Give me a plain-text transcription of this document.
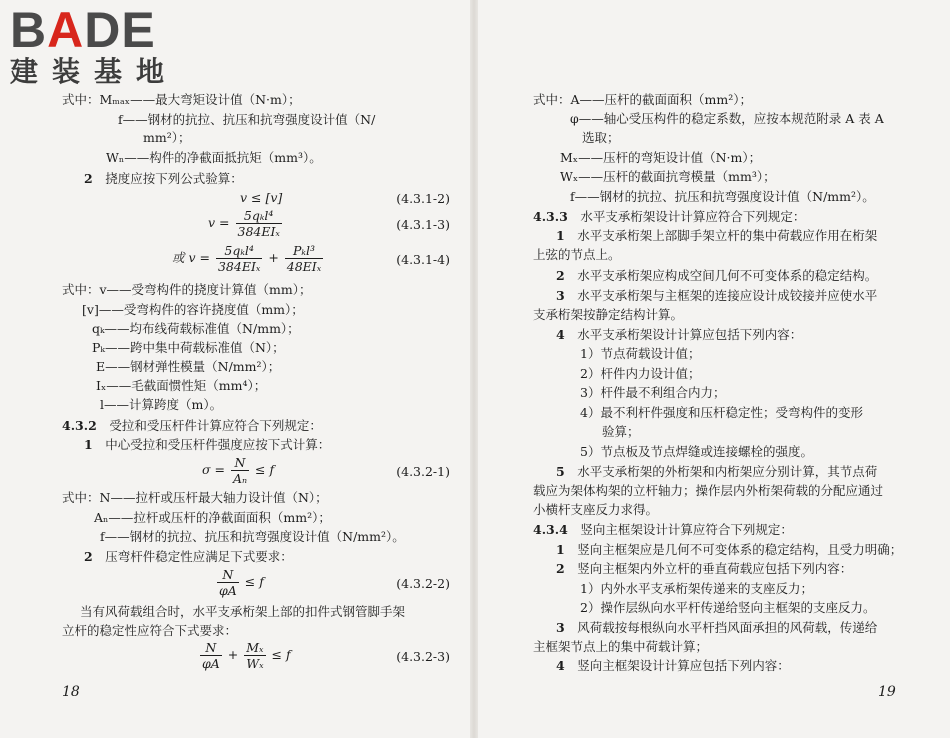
BADE
建装基地
式中：Mₘₐₓ——最大弯矩设计值（N·m）；
f——钢材的抗拉、抗压和抗弯强度设计值（N/
mm²）；
Wₙ——构件的净截面抵抗矩（mm³）。
2　 挠度应按下列公式验算：
v ≤ [v]	(4.3.1-2)
$v = \frac{\text{5qₖl⁴}}{\text{384EIₓ}}$	(4.3.1-3)
或 $v = \frac{\text{5qₖl⁴}}{\text{384EIₓ}} + \frac{\text{Pₖl³}}{\text{48EIₓ}}$	(4.3.1-4)
式中：v——受弯构件的挠度计算值（mm）；
[v]——受弯构件的容许挠度值（mm）；
qₖ——均布线荷载标准值（N/mm）；
Pₖ——跨中集中荷载标准值（N）；
E——钢材弹性模量（N/mm²）；
Iₓ——毛截面惯性矩（mm⁴）；
l——计算跨度（m）。
4.3.2　 受拉和受压杆件计算应符合下列规定：
1　 中心受拉和受压杆件强度应按下式计算：
$\sigma = \frac{N}{\text{Aₙ}} \le f$	(4.3.2-1)
式中：N——拉杆或压杆最大轴力设计值（N）；
Aₙ——拉杆或压杆的净截面面积（mm²）；
f——钢材的抗拉、抗压和抗弯强度设计值（N/mm²）。
2　 压弯杆件稳定性应满足下式要求：
$\frac{N}{\varphi A} \le f$	(4.3.2-2)
当有风荷载组合时，水平支承桁架上部的扣件式钢管脚手架
立杆的稳定性应符合下式要求：
$\frac{N}{\varphi A} + \frac{\text{Mₓ}}{\text{Wₓ}} \le f$	(4.3.2-3)
18
式中：A——压杆的截面面积（mm²）；
φ——轴心受压构件的稳定系数，应按本规范附录 A 表 A
选取；
Mₓ——压杆的弯矩设计值（N·m）；
Wₓ——压杆的截面抗弯模量（mm³）；
f——钢材的抗拉、抗压和抗弯强度设计值（N/mm²）。
4.3.3　 水平支承桁架设计计算应符合下列规定：
1　 水平支承桁架上部脚手架立杆的集中荷载应作用在桁架
上弦的节点上。
2　 水平支承桁架应构成空间几何不可变体系的稳定结构。
3　 水平支承桁架与主框架的连接应设计成铰接并应使水平
支承桁架按静定结构计算。
4　 水平支承桁架设计计算应包括下列内容：
1）节点荷载设计值；
2）杆件内力设计值；
3）杆件最不利组合内力；
4）最不利杆件强度和压杆稳定性；受弯构件的变形
验算；
5）节点板及节点焊缝或连接螺栓的强度。
5　 水平支承桁架的外桁架和内桁架应分别计算，其节点荷
载应为架体构架的立杆轴力；操作层内外桁架荷载的分配应通过
小横杆支座反力求得。
4.3.4　 竖向主框架设计计算应符合下列规定：
1　 竖向主框架应是几何不可变体系的稳定结构，且受力明确；
2　 竖向主框架内外立杆的垂直荷载应包括下列内容：
1）内外水平支承桁架传递来的支座反力；
2）操作层纵向水平杆传递给竖向主框架的支座反力。
3　 风荷载按每根纵向水平杆挡风面承担的风荷载，传递给
主框架节点上的集中荷载计算；
4　 竖向主框架设计计算应包括下列内容：
19
